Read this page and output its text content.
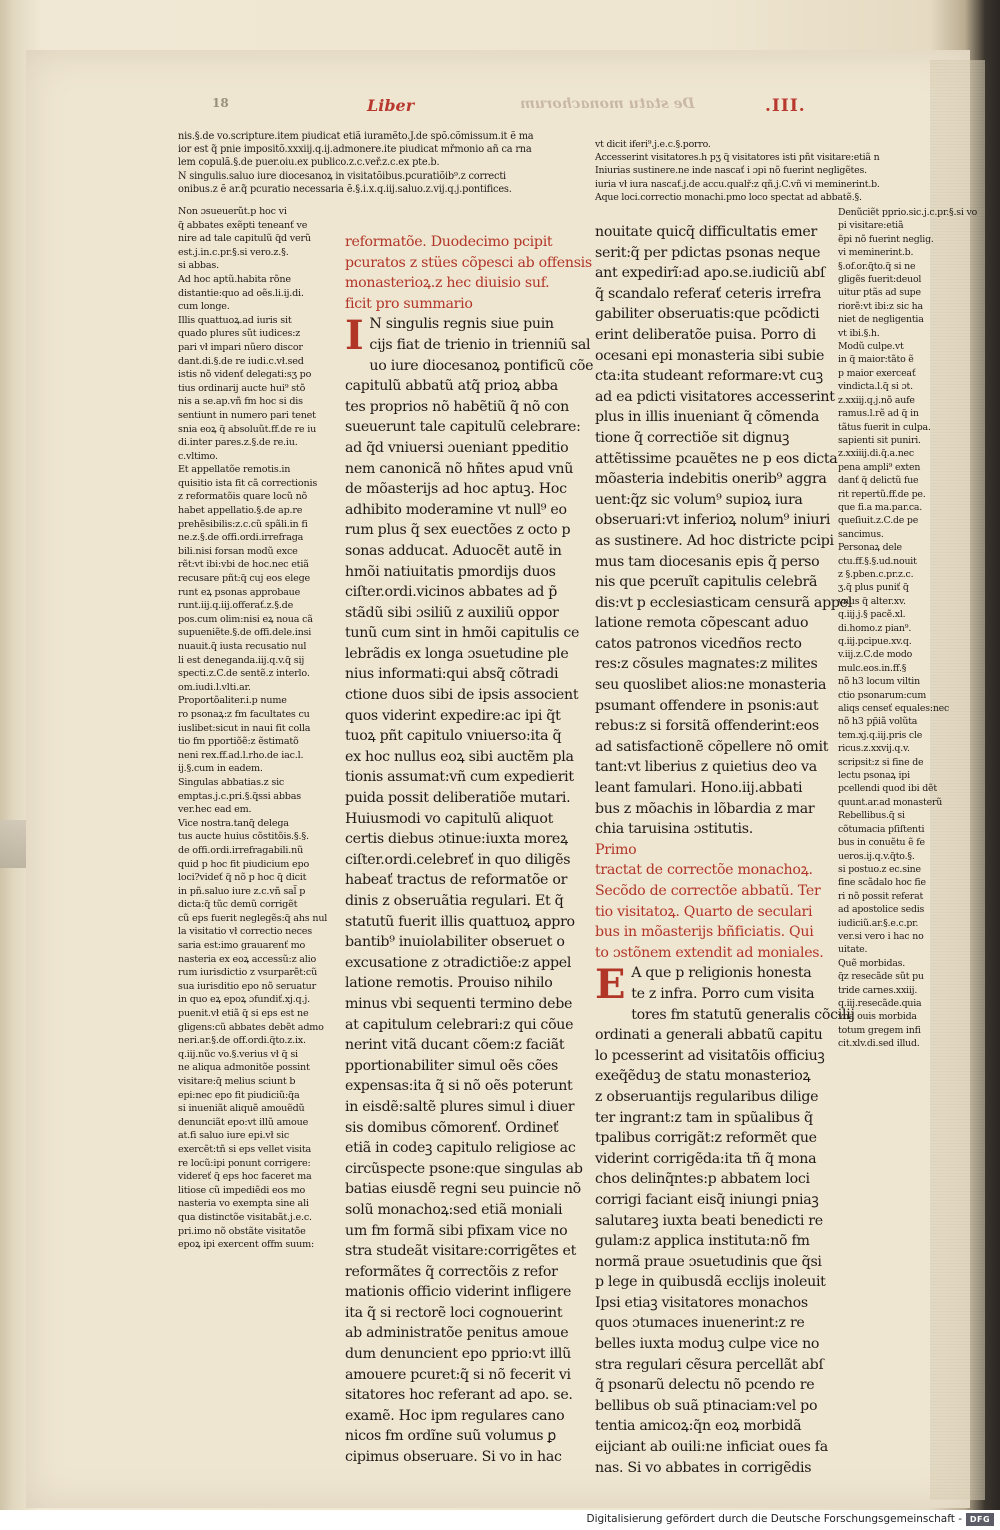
18	Liber	De statu monachorum	.III.
nis.§.de vo.scripture.item piudicat etiã iuramẽto.J.de spõ.cõmissum.it ẽ ma
ior est q̃ pnie impositõ.xxxiij.q.ij.admonere.ite piudicat mřmonio añ ca rna
lem copulã.§.de puer.oiu.ex publico.z.c.veř.z.c.ex pte.b.
N singulis.saluo iure diocesanoꝝ in visitatõibus.pcuratiõib⁹.z correcti
onibus.z ẽ ar.q̃ pcuratio necessaria ẽ.§.i.x.q.iij.saluo.z.vij.q.j.pontifices.
Non ɔsueuerũt.p hoc vi
q̃ abbates exẽpti teneanť ve
nire ad tale capitulũ q̃d verũ
est.j.in.c.pr.§.si vero.z.§.
si abbas.
Ad hoc aptũ.habita rõne
distantie:quo ad oẽs.li.ij.di.
cum longe.
Illis quattuoꝝ.ad iuris sit
quado plures sũt iudices:z
pari vł impari nũero discor
dant.di.§.de re iudi.c.vł.sed
istis nõ videnť delegati:sʒ po
tius ordinarij aucte hui⁹ stõ
nis a se.ap.vñ fm hoc si dis
sentiunt in numero pari tenet
snia eoꝝ q̃ absoluũt.ff.de re iu
di.inter pares.z.§.de re.iu.
c.vltimo.
Et appellatõe remotis.in
quisitio ista fit cã correctionis
z reformatõis quare locũ nõ
habet appellatio.§.de ap.re
prehẽsibilis:z.c.cũ spãli.in fi
ne.z.§.de offi.ordi.irrefraga
bili.nisi forsan modũ exce
rẽt:vt ibi:vbi de hoc.nec etiã
recusare pñt:q̃ cuj eos elege
runt eꝝ psonas approbaue
runt.iij.q.iij.offerať.z.§.de
pos.cum olim:nisi eꝝ noua cã
supueniẽte.§.de offi.dele.insi
nuauit.q̃ iusta recusatio nul
li est deneganda.iij.q.v.q̃ sij
specti.z.C.de sentẽ.z interlo.
om.iudi.l.vlti.ar.
Proportõaliter.i.p nume
ro psonaꝝ:z fm facultates cu
iuslibet:sicut in naui fit colla
tio fm pportiõẽ:z ẽstimatõ
neni rex.ff.ad.l.rho.de iac.l.
ij.§.cum in eadem.
Singulas abbatias.z sic
emptas.j.c.pri.§.q̃ssi abbas
ver.hec ead em.
Vice nostra.tanq̃ delega
tus aucte huius cõstitõis.§.§.
de offi.ordi.irrefragabili.nũ
quid p hoc fit piudicium epo
loci?videť q̃ nõ p hoc q̃ dicit
in pñ.saluo iure z.c.vñ sal̃ p
dicta:q̃ tũc demũ corrigẽt
cũ eps fuerit neglegẽs:q̃ ahs nul
la visitatio vł correctio neces
saria est:imo grauarenť mo
nasteria ex eoꝝ accessũ:z alio
rum iurisdictio z vsurparẽt:cũ
sua iurisditio epo nõ seruatur
in quo eꝝ epoꝝ ɔfundiť.xj.q.j.
puenit.vł etiã q̃ si eps est ne
gligens:cũ abbates debẽt admo
neri.ar.§.de off.ordi.q̃to.z.ix.
q.iij.nũc vo.§.verius vł q̃ si
ne aliqua admonitõe possint
visitare:q̃ melius sciunt b
epi:nec epo fit piudiciũ:q̃a
si inueniãt aliquẽ amouẽdũ
denunciãt epo:vt illũ amoue
at.fi saluo iure epi.vł sic
exercẽt:tñ si eps vellet visita
re locũ:ipi ponunt corrigere:
videreť q̃ eps hoc faceret ma
litiose cũ impediẽdi eos mo
nasteria vo exempta sine ali
qua distinctõe visitabãt.j.e.c.
pri.imo nõ obstãte visitatõe
epoꝝ ipi exercent offm suum:
reformatõe. Duodecimo pcipit
pcuratos z stües cõpesci ab offensis
monasterioꝝ.z hec diuisio suf.
ficit pro summario
I N singulis regnis siue puin
cijs fiat de trienio in trienniũ sal
uo iure diocesanoꝝ pontificũ cõe
capitulũ abbatũ atq̃ prioꝝ abba
tes proprios nõ habẽtiũ q̃ nõ con
sueuerunt tale capitulũ celebrare:
ad q̃d vniuersi ɔueniant ppeditio
nem canonicã nõ hñtes apud vnũ
de mõasterijs ad hoc aptuꝫ. Hoc
adhibito moderamine vt null⁹ eo
rum plus q̃ sex euectões z octo p
sonas adducat. Aduocẽt autẽ in
hmõi natiuitatis pmordijs duos
ciſter.ordi.vicinos abbates ad p̃
stãdũ sibi ɔsiliũ z auxiliũ oppor
tunũ cum sint in hmõi capitulis ce
lebrãdis ex longa ɔsuetudine ple
nius informati:qui absq̃ cõtradi
ctione duos sibi de ipsis associent
quos viderint expedire:ac ipi q̃t
tuoꝝ pñt capitulo vniuerso:ita q̃
ex hoc nullus eoꝝ sibi auctẽm pla
tionis assumat:vñ cum expedierit
puida possit deliberatiõe mutari.
Huiusmodi vo capitulũ aliquot
certis diebus ɔtinue:iuxta moreꝝ
ciſter.ordi.celebreť in quo diligẽs
habeať tractus de reformatõe or
dinis z obseruãtia regulari. Et q̃
statutũ fuerit illis quattuoꝝ appro
bantib⁹ inuiolabiliter obseruet o
excusatione z ɔtradictiõe:z appel
latione remotis. Prouiso nihilo
minus vbi sequenti termino debe
at capitulum celebrari:z qui cõue
nerint vitã ducant cõem:z faciãt
pportionabiliter simul oẽs cões
expensas:ita q̃ si nõ oẽs poterunt
in eisdẽ:saltẽ plures simul i diuer
sis domibus cõmorenť. Ordineť
etiã in codeꝫ capitulo religiose ac
circũspecte psone:que singulas ab
batias eiusdẽ regni seu puincie nõ
solũ monachoꝝ:sed etiã moniali
um fm formã sibi pfixam vice no
stra studeãt visitare:corrigẽtes et
reformãtes q̃ correctõis z refor
mationis officio viderint infligere
ita q̃ si rectorẽ loci cognouerint
ab administratõe penitus amoue
dum denuncient epo pprio:vt illũ
amouere pcuret:q̃ si nõ fecerit vi
sitatores hoc referant ad apo. se.
examẽ. Hoc ipm regulares cano
nicos fm ordĩne suũ volumus ꝑ
cipimus obseruare. Si vo in hac
vt dicit iferi⁹.j.e.c.§.porro.
Accesserint visitatores.h pʒ q̃ visitatores isti pñt visitare:etiã n
Iniurias sustinere.ne inde nascať i ɔpi nõ fuerint negligẽtes.
iuria vł iura nascať.j.de accu.qualř:z qñ.j.C.vñ vi meminerint.b.
Aque loci.correctio monachi.pmo loco spectat ad abbatẽ.§.
nouitate quicq̃ difficultatis emer
serit:q̃ per pdictas psonas neque
ant expedirĩ:ad apo.se.iudiciũ abſ
q̃ scandalo referať ceteris irrefra
gabiliter obseruatis:que pcõdicti
erint deliberatõe puisa. Porro di
ocesani epi monasteria sibi subie
cta:ita studeant reformare:vt cuꝫ
ad ea pdicti visitatores accesserint
plus in illis inueniant q̃ cõmenda
tione q̃ correctiõe sit dignuꝫ
attẽtissime pcauẽtes ne p eos dicta
mõasteria indebitis onerib⁹ aggra
uent:q̃z sic volum⁹ supioꝝ iura
obseruari:vt inferioꝝ nolum⁹ iniuri
as sustinere. Ad hoc districte pcipi
mus tam diocesanis epis q̃ perso
nis que pceruĩt capitulis celebrã
dis:vt p ecclesiasticam censurã appel
latione remota cõpescant aduo
catos patronos vicedños recto
res:z cõsules magnates:z milites
seu quoslibet alios:ne monasteria
psumant offendere in psonis:aut
rebus:z si forsitã offenderint:eos
ad satisfactionẽ cõpellere nõ omit
tant:vt liberius z quietius deo va
leant famulari. Hono.iij.abbati
bus z mõachis in lõbardia z mar
chia taruisina ɔstitutis.
Primo
tractat de correctõe monachoꝝ.
Secõdo de correctõe abbatũ. Ter
tio visitatoꝝ. Quarto de seculari
bus in mõasterijs bñficiatis. Qui
to ɔstõnem extendit ad moniales.
E A que p religionis honesta
te z infra. Porro cum visita
tores fm statutũ generalis cõcilij
ordinati a generali abbatũ capitu
lo pcesserint ad visitatõis officiuꝫ
exeq̃ẽduꝫ de statu monasterioꝝ
z obseruantijs regularibus dilige
ter ingrant:z tam in spũalibus q̃
tpalibus corrigãt:z reformẽt que
viderint corrigẽda:ita tñ q̃ mona
chos delinq̃ntes:p abbatem loci
corrigi faciant eisq̃ iniungi pniaꝫ
salutareꝫ iuxta beati benedicti re
gulam:z applica instituta:nõ fm
normã praue ɔsuetudinis que q̃si
p lege in quibusdã ecclijs inoleuit
Ipsi etiaꝫ visitatores monachos
quos ɔtumaces inuenerint:z re
belles iuxta moduꝫ culpe vice no
stra regulari cẽsura percellãt abſ
q̃ psonarũ delectu nõ pcendo re
bellibus ob suã ptinaciam:vel po
tentia amicoꝝ:q̃n eoꝝ morbidã
eijciant ab ouili:ne inficiat oues fa
nas. Si vo abbates in corrigẽdis
Denũciẽt pprio.sic.j.c.pr.§.si vo
pi visitare:etiã
ẽpi nõ fuerint neglig.
vi meminerint.b.
§.of.or.q̃to.q̃ si ne
gligẽs fuerit:deuol
uitur ptãs ad supe
riorẽ:vt ibi:z sic ha
niet de negligentia
vt ibi.§.h.
Modũ culpe.vt
in q̃ maior:tãto ẽ
p maior exerceať
vindicta.l.q̃ si ɔt.
z.xxiij.q.j.nõ aufe
ramus.l.rẽ ad q̃ in
tãtus fuerit in culpa.
sapienti sit puniri.
z.xxiiij.di.q̃.a.nec
pena ampli⁹ exten
danť q̃ delictũ fue
rit repertũ.ff.de pe.
que fi.a ma.par.ca.
queſiuit.z.C.de pe
sancimus.
Personaꝝ dele
ctu.ff.§.§.ud.nouit
z §.pben.c.pr.z.c.
ʒ.q̃ plus puniť q̃
vnus q̃ alter.xv.
q.iij.j.§ pacẽ.xl.
di.homo.z pian⁹.
q.iij.pcipue.xv.q.
v.iij.z.C.de modo
mulc.eos.in.ff.§
nõ h3 locum viltin
ctio psonarum:cum
aliqs censeť equales:nec
nõ h3 pp̃iã volũta
tem.xj.q.iij.pris cle
ricus.z.xxvij.q.v.
scripsit:z si fine de
lectu psonaꝝ ipi
pcellendi quod ibi dẽt
quunt.ar.ad monasterũ
Rebellibus.q̃ si
cõtumacia pſiſtenti
bus in conuẽtu ẽ fe
ueros.ij.q.v.q̃to.§.
si postuo.z ec.sine
fine scãdalo hoc fie
ri nõ possit referat
ad apostolice sedis
iudiciũ.ar.§.e.c.pr.
ver.si vero i hac no
uitate.
Quẽ morbidas.
q̃z resecãde sũt pu
tride carnes.xxiij.
q.iij.resecãde.quia
vna ouis morbida
totum gregem infi
cit.xlv.di.sed illud.
Digitalisierung gefördert durch die Deutsche Forschungsgemeinschaft - DFG
